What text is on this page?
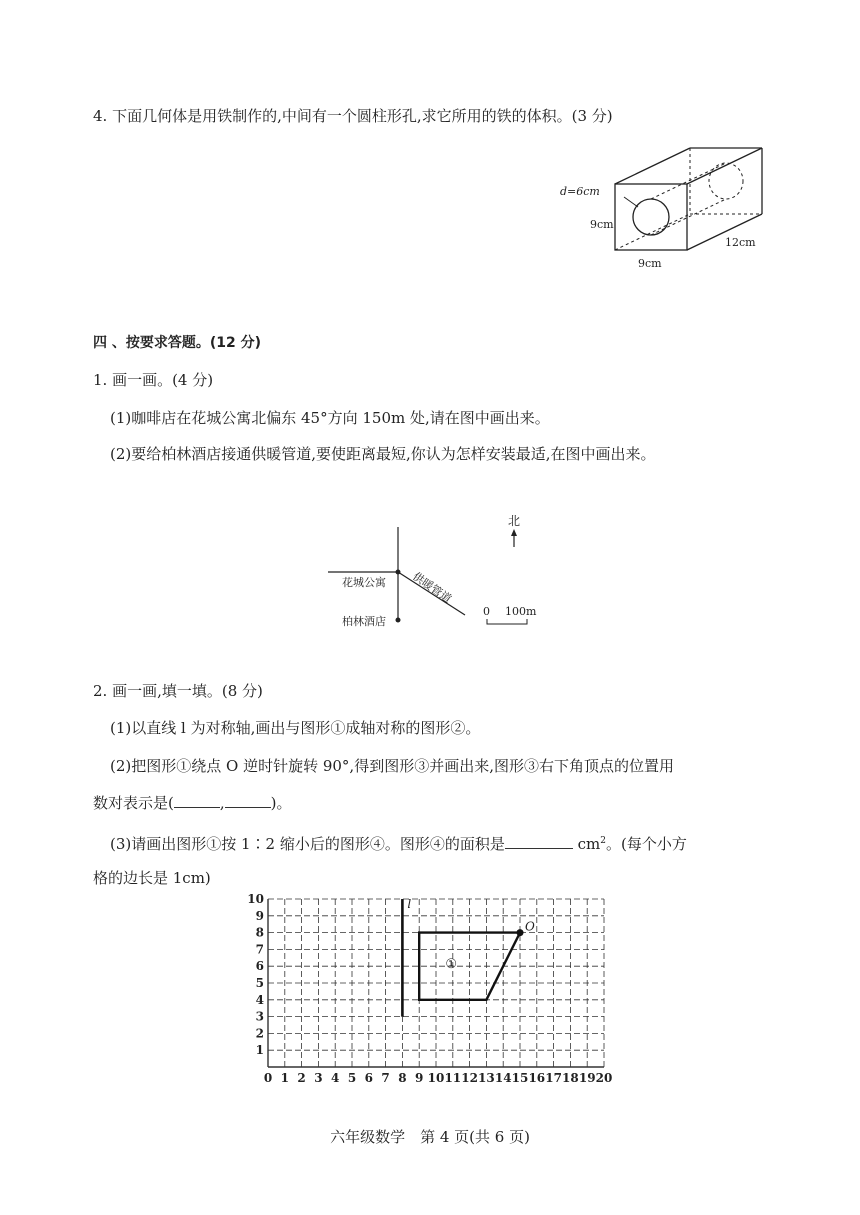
4. 下面几何体是用铁制作的,中间有一个圆柱形孔,求它所用的铁的体积。(3 分)
d=6cm
9cm
9cm
12cm
四 、按要求答题。(12 分)
1. 画一画。(4 分)
(1)咖啡店在花城公寓北偏东 45°方向 150m 处,请在图中画出来。
(2)要给柏林酒店接通供暖管道,要使距离最短,你认为怎样安装最适,在图中画出来。
北
花城公寓
柏林酒店
供暖管道
0 100m
2. 画一画,填一填。(8 分)
(1)以直线 l 为对称轴,画出与图形①成轴对称的图形②。
(2)把图形①绕点 O 逆时针旋转 90°,得到图形③并画出来,图形③右下角顶点的位置用
数对表示是(	,	)。
(3)请画出图形①按 1∶2 缩小后的图形④。图形④的面积是	$cm^2$。(每个小方
格的边长是 1cm)
0 1 2 3 4 5 6 7 8 9 10 11 12 13 14 15 16 17 18 19 20
1
2
3
4
5
6
7
8
9
10	l
①
O
六年级数学　第 4 页(共 6 页)
